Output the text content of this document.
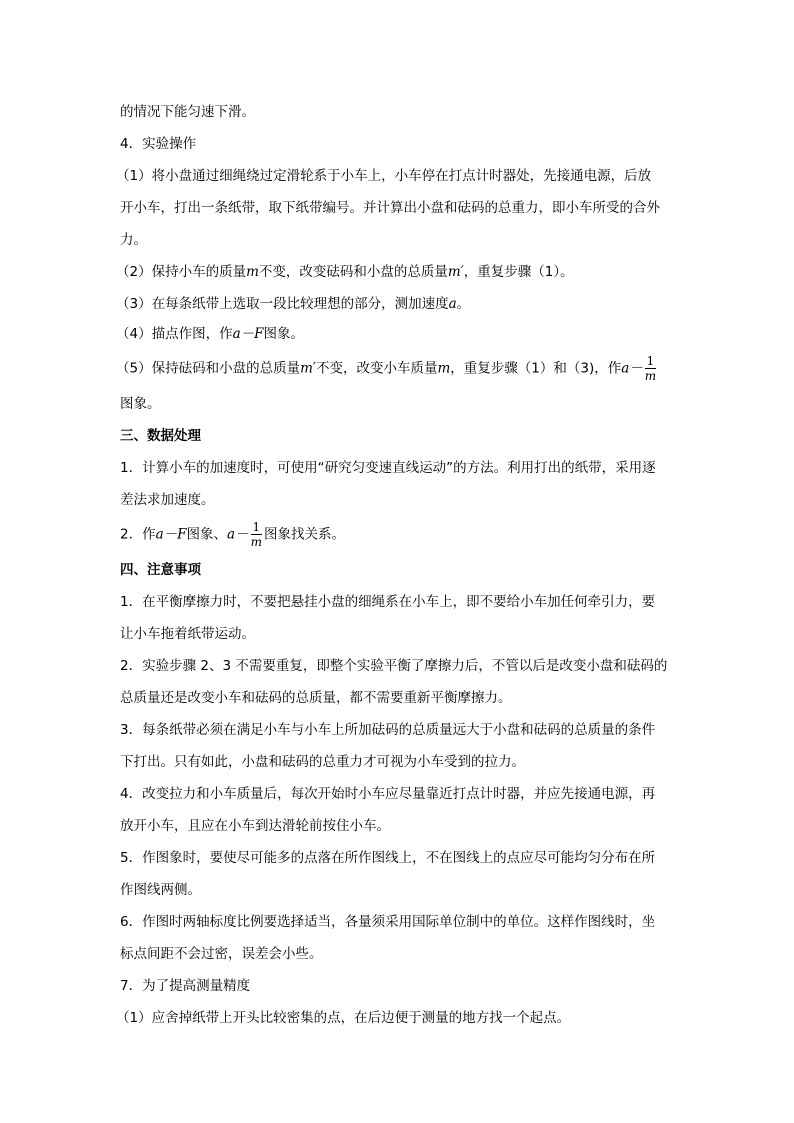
的情况下能匀速下滑。
4．实验操作
（1）将小盘通过细绳绕过定滑轮系于小车上，小车停在打点计时器处，先接通电源，后放
开小车，打出一条纸带，取下纸带编号。并计算出小盘和砝码的总重力，即小车所受的合外
力。
（2）保持小车的质量m不变，改变砝码和小盘的总质量m′，重复步骤（1）。
（3）在每条纸带上选取一段比较理想的部分，测加速度a。
（4）描点作图，作a－F图象。
（5）保持砝码和小盘的总质量m′不变，改变小车质量m，重复步骤（1）和（3)，作$a- \frac{1}{m}$
图象。
三、数据处理
1．计算小车的加速度时，可使用“研究匀变速直线运动”的方法。利用打出的纸带，采用逐
差法求加速度。
2．作a－F图象、$a- \frac{1}{m}$ 图象找关系。
四、注意事项
1．在平衡摩擦力时，不要把悬挂小盘的细绳系在小车上，即不要给小车加任何牵引力，要
让小车拖着纸带运动。
2．实验步骤 2、3 不需要重复，即整个实验平衡了摩擦力后，不管以后是改变小盘和砝码的
总质量还是改变小车和砝码的总质量，都不需要重新平衡摩擦力。
3．每条纸带必须在满足小车与小车上所加砝码的总质量远大于小盘和砝码的总质量的条件
下打出。只有如此，小盘和砝码的总重力才可视为小车受到的拉力。
4．改变拉力和小车质量后，每次开始时小车应尽量靠近打点计时器，并应先接通电源，再
放开小车，且应在小车到达滑轮前按住小车。
5．作图象时，要使尽可能多的点落在所作图线上，不在图线上的点应尽可能均匀分布在所
作图线两侧。
6．作图时两轴标度比例要选择适当，各量须采用国际单位制中的单位。这样作图线时，坐
标点间距不会过密，误差会小些。
7．为了提高测量精度
（1）应舍掉纸带上开头比较密集的点，在后边便于测量的地方找一个起点。
